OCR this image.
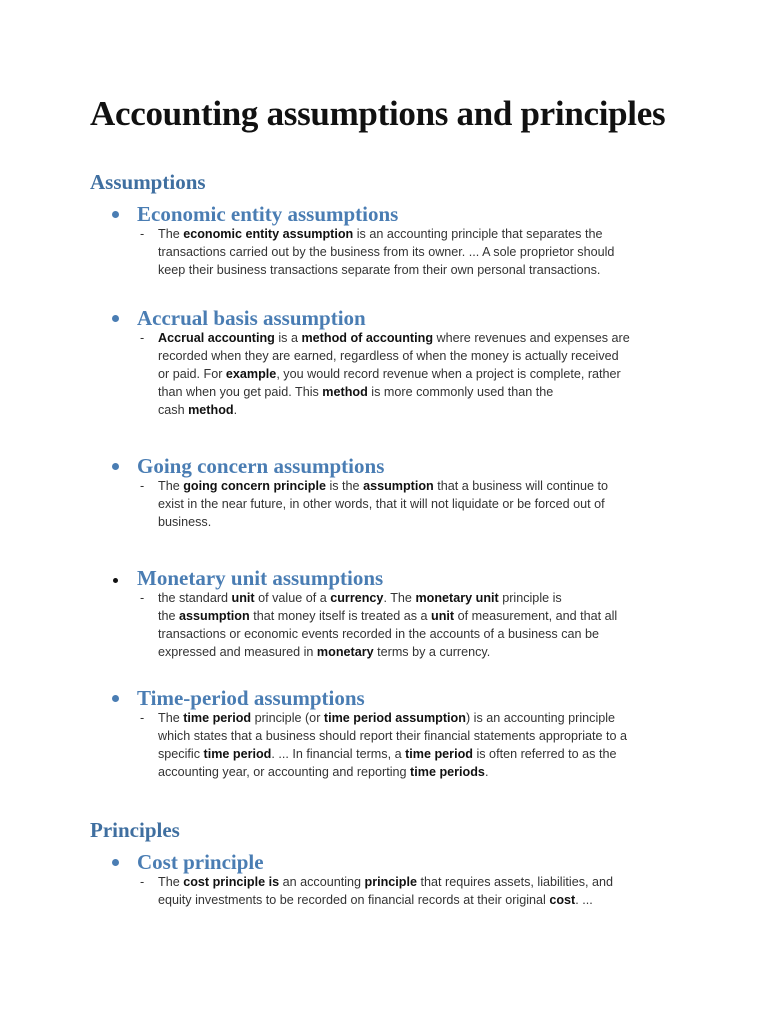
Accounting assumptions and principles
Assumptions
Economic entity assumptions
- The economic entity assumption is an accounting principle that separates the
transactions carried out by the business from its owner. ... A sole proprietor should
keep their business transactions separate from their own personal transactions.
Accrual basis assumption
- Accrual accounting is a method of accounting where revenues and expenses are
recorded when they are earned, regardless of when the money is actually received
or paid. For example, you would record revenue when a project is complete, rather
than when you get paid. This method is more commonly used than the
cash method.
Going concern assumptions
- The going concern principle is the assumption that a business will continue to
exist in the near future, in other words, that it will not liquidate or be forced out of
business.
Monetary unit assumptions
- the standard unit of value of a currency. The monetary unit principle is
the assumption that money itself is treated as a unit of measurement, and that all
transactions or economic events recorded in the accounts of a business can be
expressed and measured in monetary terms by a currency.
Time-period assumptions
- The time period principle (or time period assumption) is an accounting principle
which states that a business should report their financial statements appropriate to a
specific time period. ... In financial terms, a time period is often referred to as the
accounting year, or accounting and reporting time periods.
Principles
Cost principle
- The cost principle is an accounting principle that requires assets, liabilities, and
equity investments to be recorded on financial records at their original cost. ...
